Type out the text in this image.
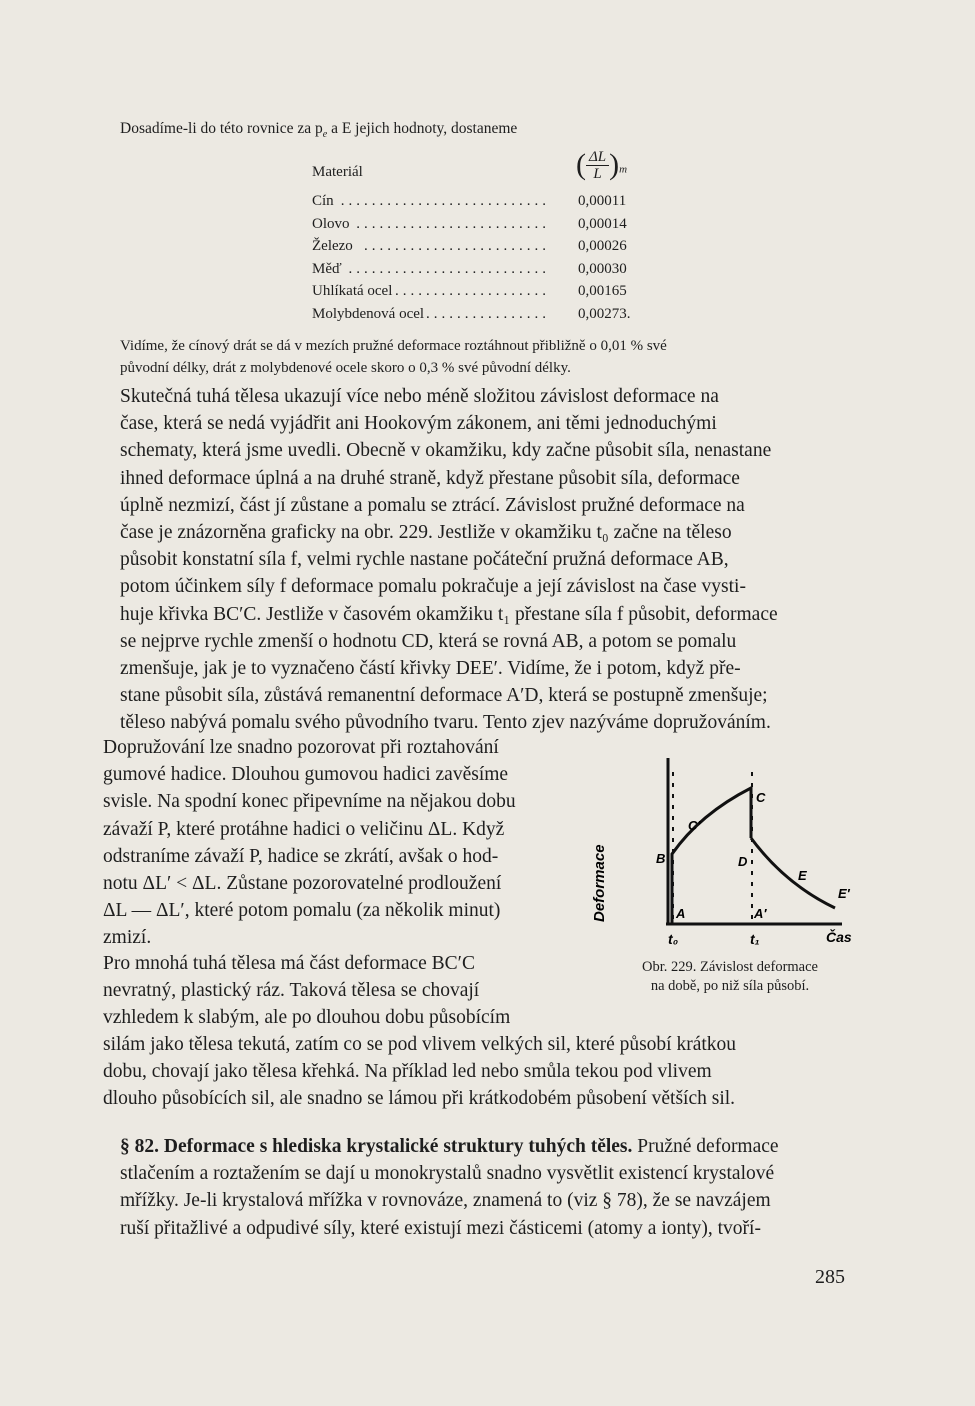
Dosadíme-li do této rovnice za $p_e$ a E jejich hodnoty, dostaneme
Materiál	( $\frac{\Delta L}{L} )_m$
Cín ........................... 0,00011
Olovo ......................... 0,00014
Železo ........................ 0,00026
Měď .......................... 0,00030
Uhlíkatá ocel .................... 0,00165
Molybdenová ocel ................ 0,00273.
Vidíme, že cínový drát se dá v mezích pružné deformace roztáhnout přibližně o 0,01 % své
původní délky, drát z molybdenové ocele skoro o 0,3 % své původní délky.
Skutečná tuhá tělesa ukazují více nebo méně složitou závislost deformace na
čase, která se nedá vyjádřit ani Hookovým zákonem, ani těmi jednoduchými
schematy, která jsme uvedli. Obecně v okamžiku, kdy začne působit síla, nenastane
ihned deformace úplná a na druhé straně, když přestane působit síla, deformace
úplně nezmizí, část jí zůstane a pomalu se ztrácí. Závislost pružné deformace na
čase je znázorněna graficky na obr. 229. Jestliže v okamžiku t₀ začne na těleso
působit konstatní síla f, velmi rychle nastane počáteční pružná deformace AB,
potom účinkem síly f deformace pomalu pokračuje a její závislost na čase vysti-
huje křivka BC′C. Jestliže v časovém okamžiku t₁ přestane síla f působit, deformace
se nejprve rychle zmenší o hodnotu CD, která se rovná AB, a potom se pomalu
zmenšuje, jak je to vyznačeno částí křivky DEE′. Vidíme, že i potom, když pře-
stane působit síla, zůstává remanentní deformace A′D, která se postupně zmenšuje;
těleso nabývá pomalu svého původního tvaru. Tento zjev nazýváme dopružováním.
Dopružování lze snadno pozorovat při roztahování
gumové hadice. Dlouhou gumovou hadici zavěsíme
svisle. Na spodní konec připevníme na nějakou dobu
závaží P, které protáhne hadici o veličinu ΔL. Když
odstraníme závaží P, hadice se zkrátí, avšak o hod-
notu ΔL′ < ΔL. Zůstane pozorovatelné prodloužení
ΔL — ΔL′, které potom pomalu (za několik minut)
zmizí.
Pro mnohá tuhá tělesa má část deformace BC′C
nevratný, plastický ráz. Taková tělesa se chovají
vzhledem k slabým, ale po dlouhou dobu působícím
silám jako tělesa tekutá, zatím co se pod vlivem velkých sil, které působí krátkou
dobu, chovají jako tělesa křehká. Na příklad led nebo smůla tekou pod vlivem
dlouho působících sil, ale snadno se lámou při krátkodobém působení větších sil.
Deformace	A
B
C′
C
D
E
E′
A′
t₀	t₁	Čas
Obr. 229. Závislost deformace
na době, po niž síla působí.
§ 82. Deformace s hlediska krystalické struktury tuhých těles. Pružné deformace
stlačením a roztažením se dají u monokrystalů snadno vysvětlit existencí krystalové
mřížky. Je-li krystalová mřížka v rovnováze, znamená to (viz § 78), že se navzájem
ruší přitažlivé a odpudivé síly, které existují mezi částicemi (atomy a ionty), tvoří-
285
